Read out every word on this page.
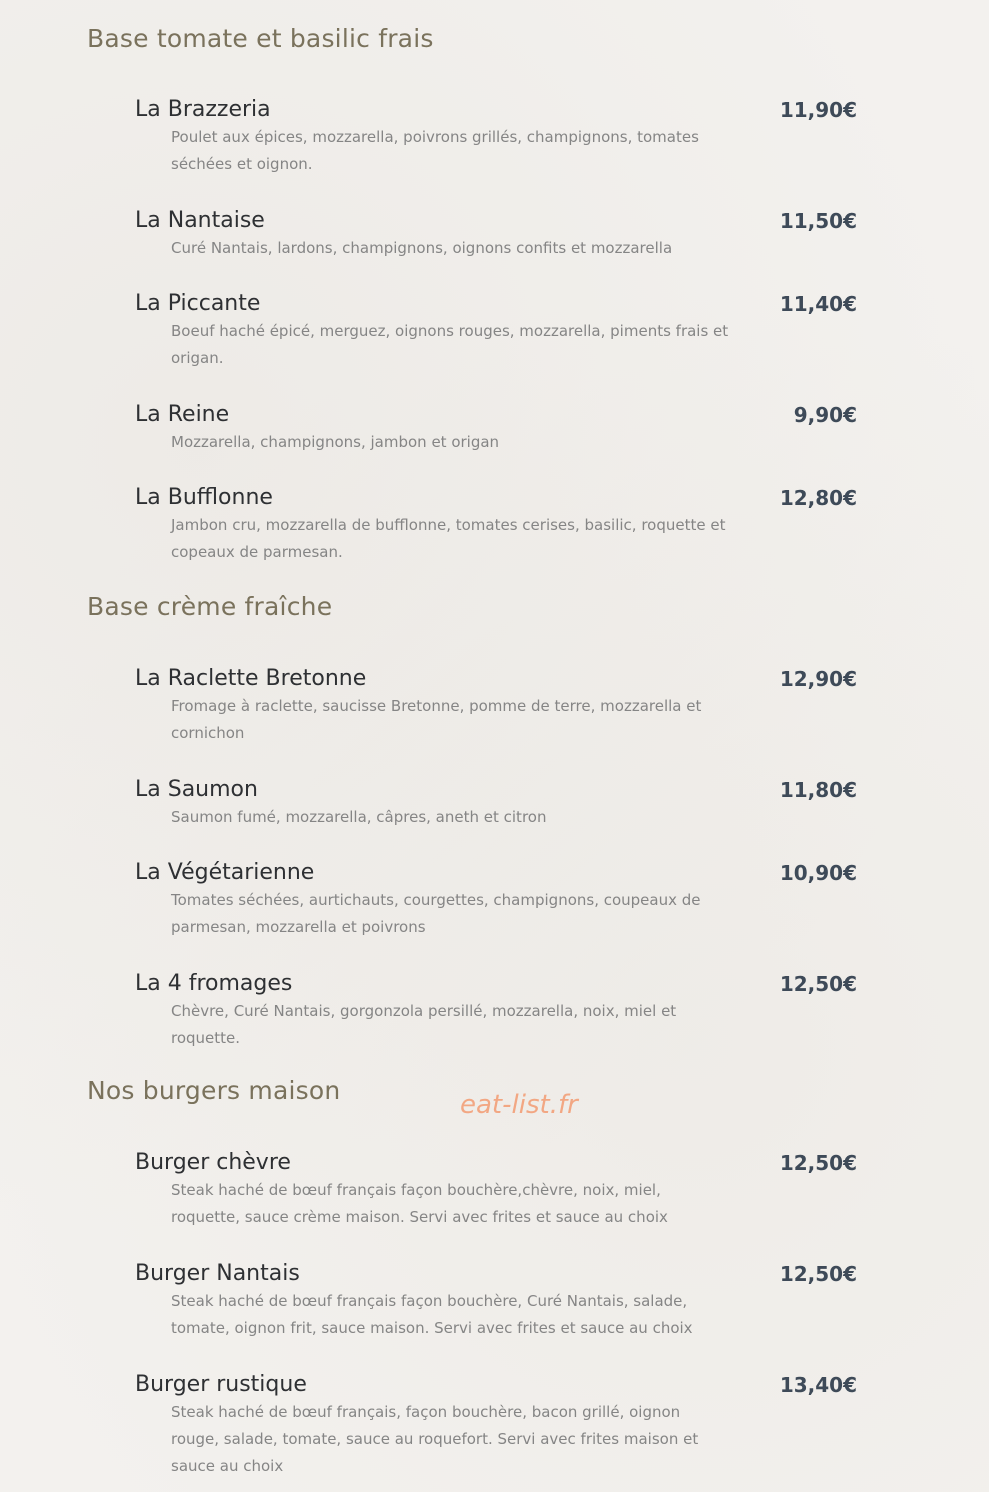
Base tomate et basilic frais
La Brazzeria	11,90€
Poulet aux épices, mozzarella, poivrons grillés, champignons, tomates séchées et oignon.
La Nantaise	11,50€
Curé Nantais, lardons, champignons, oignons confits et mozzarella
La Piccante	11,40€
Boeuf haché épicé, merguez, oignons rouges, mozzarella, piments frais et origan.
La Reine	9,90€
Mozzarella, champignons, jambon et origan
La Bufflonne	12,80€
Jambon cru, mozzarella de bufflonne, tomates cerises, basilic, roquette et copeaux de parmesan.
Base crème fraîche
La Raclette Bretonne	12,90€
Fromage à raclette, saucisse Bretonne, pomme de terre, mozzarella et cornichon
La Saumon	11,80€
Saumon fumé, mozzarella, câpres, aneth et citron
La Végétarienne	10,90€
Tomates séchées, aurtichauts, courgettes, champignons, coupeaux de parmesan, mozzarella et poivrons
La 4 fromages	12,50€
Chèvre, Curé Nantais, gorgonzola persillé, mozzarella, noix, miel et roquette.
Nos burgers maison	eat-list.fr
Burger chèvre	12,50€
Steak haché de bœuf français façon bouchère,chèvre, noix, miel, roquette, sauce crème maison. Servi avec frites et sauce au choix
Burger Nantais	12,50€
Steak haché de bœuf français façon bouchère, Curé Nantais, salade, tomate, oignon frit, sauce maison. Servi avec frites et sauce au choix
Burger rustique	13,40€
Steak haché de bœuf français, façon bouchère, bacon grillé, oignon rouge, salade, tomate, sauce au roquefort. Servi avec frites maison et sauce au choix
